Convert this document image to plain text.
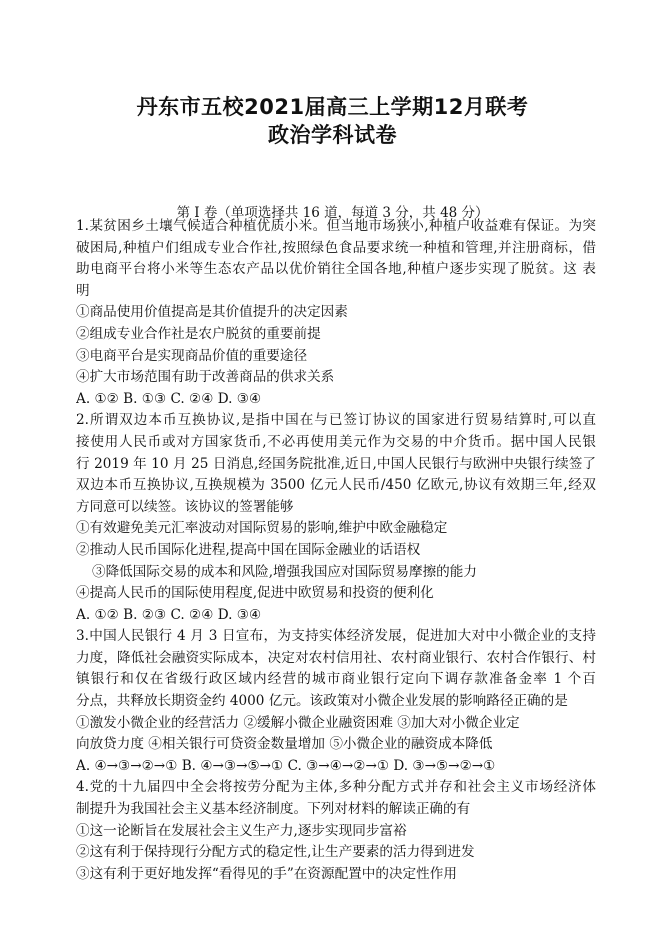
丹东市五校2021届高三上学期12月联考
政治学科试卷
第 I 卷（单项选择共 16 道，每道 3 分，共 48 分）
1.某贫困乡土壤气候适合种植优质小米。但当地市场狭小,种植户收益难有保证。为突
破困局,种植户们组成专业合作社,按照绿色食品要求统一种植和管理,并注册商标，借
助电商平台将小米等生态农产品以优价销往全国各地,种植户逐步实现了脱贫。这 表
明
①商品使用价值提高是其价值提升的决定因素
②组成专业合作社是农户脱贫的重要前提
③电商平台是实现商品价值的重要途径
④扩大市场范围有助于改善商品的供求关系
A. ①② B. ①③ C. ②④ D. ③④
2.所谓双边本币互换协议,是指中国在与已签订协议的国家进行贸易结算时,可以直
接使用人民币或对方国家货币,不必再使用美元作为交易的中介货币。据中国人民银
行 2019 年 10 月 25 日消息,经国务院批准,近日,中国人民银行与欧洲中央银行续签了
双边本币互换协议,互换规模为 3500 亿元人民币/450 亿欧元,协议有效期三年,经双
方同意可以续签。该协议的签署能够
①有效避免美元汇率波动对国际贸易的影响,维护中欧金融稳定
②推动人民币国际化进程,提高中国在国际金融业的话语权
③降低国际交易的成本和风险,增强我国应对国际贸易摩擦的能力
④提高人民币的国际使用程度,促进中欧贸易和投资的便利化
A. ①② B. ②③ C. ②④ D. ③④
3.中国人民银行 4 月 3 日宣布，为支持实体经济发展，促进加大对中小微企业的支持
力度，降低社会融资实际成本，决定对农村信用社、农村商业银行、农村合作银行、村
镇银行和仅在省级行政区域内经营的城市商业银行定向下调存款准备金率 1 个百
分点，共释放长期资金约 4000 亿元。该政策对小微企业发展的影响路径正确的是
①激发小微企业的经营活力 ②缓解小微企业融资困难 ③加大对小微企业定
向放贷力度 ④相关银行可贷资金数量增加 ⑤小微企业的融资成本降低
A. ④→③→②→① B. ④→③→⑤→① C. ③→④→②→① D. ③→⑤→②→①
4.党的十九届四中全会将按劳分配为主体,多种分配方式并存和社会主义市场经济体
制提升为我国社会主义基本经济制度。下列对材料的解读正确的有
①这一论断旨在发展社会主义生产力,逐步实现同步富裕
②这有利于保持现行分配方式的稳定性,让生产要素的活力得到进发
③这有利于更好地发挥“看得见的手”在资源配置中的决定性作用
